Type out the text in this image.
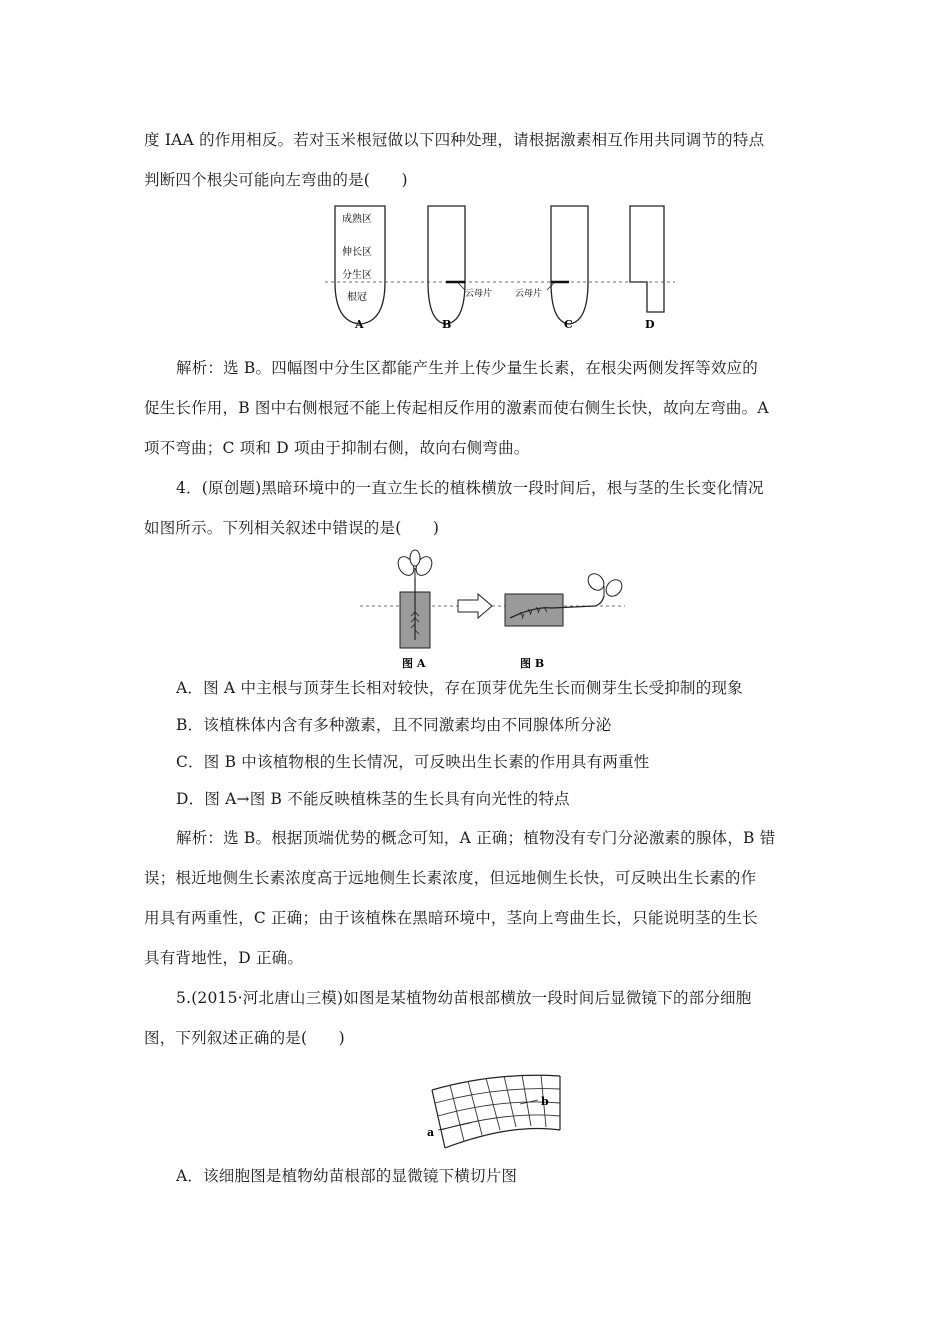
度 IAA 的作用相反。若对玉米根冠做以下四种处理，请根据激素相互作用共同调节的特点
判断四个根尖可能向左弯曲的是(　　)
成熟区
伸长区
分生区
根冠	云母片	云母片
A	B	C	D
解析：选 B。四幅图中分生区都能产生并上传少量生长素，在根尖两侧发挥等效应的
促生长作用，B 图中右侧根冠不能上传起相反作用的激素而使右侧生长快，故向左弯曲。A
项不弯曲；C 项和 D 项由于抑制右侧，故向右侧弯曲。
4．(原创题)黑暗环境中的一直立生长的植株横放一段时间后，根与茎的生长变化情况
如图所示。下列相关叙述中错误的是(　　)
图 A	图 B
A．图 A 中主根与顶芽生长相对较快，存在顶芽优先生长而侧芽生长受抑制的现象
B．该植株体内含有多种激素，且不同激素均由不同腺体所分泌
C．图 B 中该植物根的生长情况，可反映出生长素的作用具有两重性
D．图 A→图 B 不能反映植株茎的生长具有向光性的特点
解析：选 B。根据顶端优势的概念可知，A 正确；植物没有专门分泌激素的腺体，B 错
误；根近地侧生长素浓度高于远地侧生长素浓度，但远地侧生长快，可反映出生长素的作
用具有两重性，C 正确；由于该植株在黑暗环境中，茎向上弯曲生长，只能说明茎的生长
具有背地性，D 正确。
5.(2015·河北唐山三模)如图是某植物幼苗根部横放一段时间后显微镜下的部分细胞
图，下列叙述正确的是(　　)
b
a
A．该细胞图是植物幼苗根部的显微镜下横切片图
